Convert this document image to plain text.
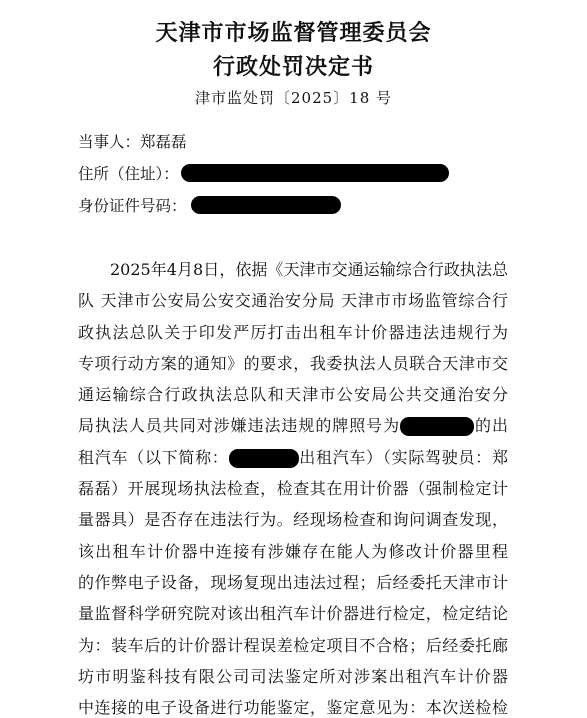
天津市市场监督管理委员会
行政处罚决定书
津市监处罚〔2025〕18 号
当事人：郑磊磊
住所（住址）：
身份证件号码：
2025年4月8日，依据《天津市交通运输综合行政执法总
队 天津市公安局公安交通治安分局 天津市市场监管综合行
政执法总队关于印发严厉打击出租车计价器违法违规行为
专项行动方案的通知》的要求，我委执法人员联合天津市交
通运输综合行政执法总队和天津市公安局公共交通治安分
局执法人员共同对涉嫌违法违规的牌照号为	的出
租汽车（以下简称：	出租汽车）（实际驾驶员：郑
磊磊）开展现场执法检查，检查其在用计价器（强制检定计
量器具）是否存在违法行为。经现场检查和询问调查发现，
该出租车计价器中连接有涉嫌存在能人为修改计价器里程
的作弊电子设备，现场复现出违法过程；后经委托天津市计
量监督科学研究院对该出租汽车计价器进行检定，检定结论
为：装车后的计价器计程误差检定项目不合格；后经委托廊
坊市明鉴科技有限公司司法鉴定所对涉案出租汽车计价器
中连接的电子设备进行功能鉴定，鉴定意见为：本次送检检
